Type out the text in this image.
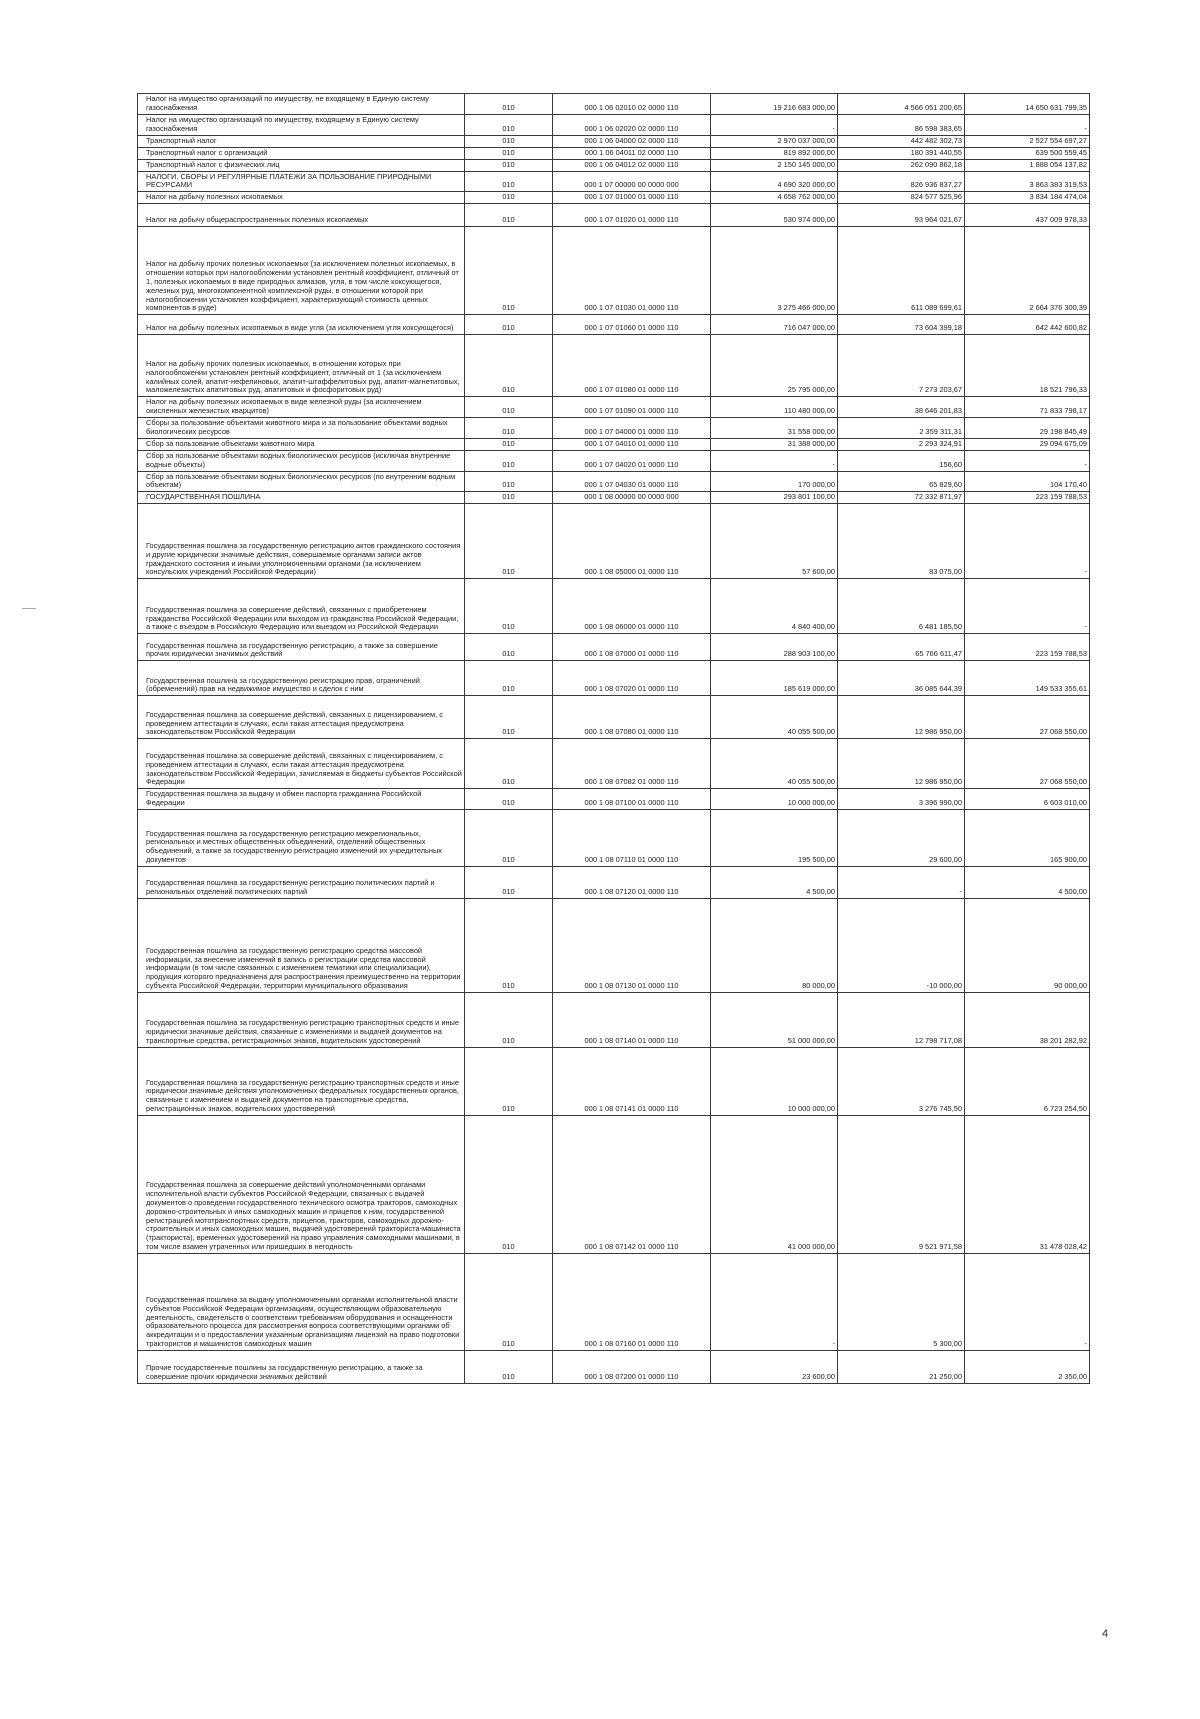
Налог на имущество организаций по имуществу, не входящему в Единую систему газоснабжения	010	000 1 06 02010 02 0000 110	19 216 683 000,00	4 566 051 200,65	14 650 631 799,35

Налог на имущество организаций по имуществу, входящему в Единую систему газоснабжения	010	000 1 06 02020 02 0000 110	-	86 598 383,65	-

Транспортный налог	010	000 1 06 04000 02 0000 110	2 970 037 000,00	442 482 302,73	2 527 554 697,27

Транспортный налог с организаций	010	000 1 06 04011 02 0000 110	819 892 000,00	180 391 440,55	639 500 559,45

Транспортный налог с физических лиц	010	000 1 06 04012 02 0000 110	2 150 145 000,00	262 090 862,18	1 888 054 137,82

НАЛОГИ, СБОРЫ И РЕГУЛЯРНЫЕ ПЛАТЕЖИ ЗА ПОЛЬЗОВАНИЕ ПРИРОДНЫМИ РЕСУРСАМИ	010	000 1 07 00000 00 0000 000	4 690 320 000,00	826 936 837,27	3 863 383 319,53

Налог на добычу полезных ископаемых	010	000 1 07 01000 01 0000 110	4 658 762 000,00	824 577 525,96	3 834 184 474,04

Налог на добычу общераспространенных полезных ископаемых	010	000 1 07 01020 01 0000 110	530 974 000,00	93 964 021,67	437 009 978,33

Налог на добычу прочих полезных ископаемых (за исключением полезных ископаемых, в отношении которых при налогообложении установлен рентный коэффициент, отличный от 1, полезных ископаемых в виде природных алмазов, угля, в том числе коксующегося, железных руд, многокомпонентной комплексной руды, в отношении которой при налогообложении установлен коэффициент, характеризующий стоимость ценных компонентов в руде)	010	000 1 07 01030 01 0000 110	3 275 466 000,00	611 089 699,61	2 664 376 300,39

Налог на добычу полезных ископаемых в виде угля (за исключением угля коксующегося)	010	000 1 07 01060 01 0000 110	716 047 000,00	73 604 399,18	642 442 600,82

Налог на добычу прочих полезных ископаемых, в отношении которых при налогообложении установлен рентный коэффициент, отличный от 1 (за исключением калийных солей, апатит-нефелиновых, апатит-штаффелитовых руд, апатит-магнетитовых, маложелезистых апатитовых руд, апатитовых и фосфоритовых руд)	010	000 1 07 01080 01 0000 110	25 795 000,00	7 273 203,67	18 521 796,33

Налог на добычу полезных ископаемых в виде железной руды (за исключением окисленных железистых кварцитов)	010	000 1 07 01090 01 0000 110	110 480 000,00	38 646 201,83	71 833 798,17

Сборы за пользование объектами животного мира и за пользование объектами водных биологических ресурсов	010	000 1 07 04000 01 0000 110	31 558 000,00	2 359 311,31	29 198 845,49

Сбор за пользование объектами животного мира	010	000 1 07 04010 01 0000 110	31 388 000,00	2 293 324,91	29 094 675,09

Сбор за пользование объектами водных биологических ресурсов (исключая внутренние водные объекты)	010	000 1 07 04020 01 0000 110	-	156,60	-

Сбор за пользование объектами водных биологических ресурсов (по внутренним водным объектам)	010	000 1 07 04030 01 0000 110	170 000,00	65 829,60	104 170,40

ГОСУДАРСТВЕННАЯ ПОШЛИНА	010	000 1 08 00000 00 0000 000	293 801 100,00	72 332 871,97	223 159 788,53

Государственная пошлина за государственную регистрацию актов гражданского состояния и другие юридически значимые действия, совершаемые органами записи актов гражданского состояния и иными уполномоченными органами (за исключением консульских учреждений Российской Федерации)	010	000 1 08 05000 01 0000 110	57 600,00	83 075,00	-

Государственная пошлина за совершение действий, связанных с приобретением гражданства Российской Федерации или выходом из гражданства Российской Федерации, а также с въездом в Российскую Федерацию или выездом из Российской Федерации	010	000 1 08 06000 01 0000 110	4 840 400,00	6 481 185,50	-

Государственная пошлина за государственную регистрацию, а также за совершение прочих юридически значимых действий	010	000 1 08 07000 01 0000 110	288 903 100,00	65 766 611,47	223 159 788,53

Государственная пошлина за государственную регистрацию прав, ограничений (обременений) прав на недвижимое имущество и сделок с ним	010	000 1 08 07020 01 0000 110	185 619 000,00	36 085 644,39	149 533 355,61

Государственная пошлина за совершение действий, связанных с лицензированием, с проведением аттестации в случаях, если такая аттестация предусмотрена законодательством Российской Федерации	010	000 1 08 07080 01 0000 110	40 055 500,00	12 986 950,00	27 068 550,00

Государственная пошлина за совершение действий, связанных с лицензированием, с проведением аттестации в случаях, если такая аттестация предусмотрена законодательством Российской Федерации, зачисляемая в бюджеты субъектов Российской Федерации	010	000 1 08 07082 01 0000 110	40 055 500,00	12 986 950,00	27 068 550,00

Государственная пошлина за выдачу и обмен паспорта гражданина Российской Федерации	010	000 1 08 07100 01 0000 110	10 000 000,00	3 396 990,00	6 603 010,00

Государственная пошлина за государственную регистрацию межрегиональных, региональных и местных общественных объединений, отделений общественных объединений, а также за государственную регистрацию изменений их учредительных документов	010	000 1 08 07110 01 0000 110	195 500,00	29 600,00	165 900,00

Государственная пошлина за государственную регистрацию политических партий и региональных отделений политических партий	010	000 1 08 07120 01 0000 110	4 500,00	-	4 500,00

Государственная пошлина за государственную регистрацию средства массовой информации, за внесение изменений в запись о регистрации средства массовой информации (в том числе связанных с изменением тематики или специализации), продукция которого предназначена для распространения преимущественно на территории субъекта Российской Федерации, территории муниципального образования	010	000 1 08 07130 01 0000 110	80 000,00	-10 000,00	90 000,00

Государственная пошлина за государственную регистрацию транспортных средств и иные юридически значимые действия, связанные с изменениями и выдачей документов на транспортные средства, регистрационных знаков, водительских удостоверений	010	000 1 08 07140 01 0000 110	51 000 000,00	12 798 717,08	38 201 282,92

Государственная пошлина за государственную регистрацию транспортных средств и иные юридически значимые действия уполномоченных федеральных государственных органов, связанные с изменением и выдачей документов на транспортные средства, регистрационных знаков, водительских удостоверений	010	000 1 08 07141 01 0000 110	10 000 000,00	3 276 745,50	6 723 254,50

Государственная пошлина за совершение действий уполномоченными органами исполнительной власти субъектов Российской Федерации, связанных с выдачей документов о проведении государственного технического осмотра тракторов, самоходных дорожно-строительных и иных самоходных машин и прицепов к ним, государственной регистрацией мототранспортных средств, прицепов, тракторов, самоходных дорожно-строительных и иных самоходных машин, выдачей удостоверений тракториста-машиниста (тракториста), временных удостоверений на право управления самоходными машинами, в том числе взамен утраченных или пришедших в негодность	010	000 1 08 07142 01 0000 110	41 000 000,00	9 521 971,58	31 478 028,42

Государственная пошлина за выдачу уполномоченными органами исполнительной власти субъектов Российской Федерации организациям, осуществляющим образовательную деятельность, свидетельств о соответствии требованиям оборудования и оснащенности образовательного процесса для рассмотрения вопроса соответствующими органами об аккредитации и о предоставлении указанным организациям лицензий на право подготовки трактористов и машинистов самоходных машин	010	000 1 08 07160 01 0000 110	-	5 300,00	-

Прочие государственные пошлины за государственную регистрацию, а также за совершение прочих юридически значимых действий	010	000 1 08 07200 01 0000 110	23 600,00	21 250,00	2 350,00
4
